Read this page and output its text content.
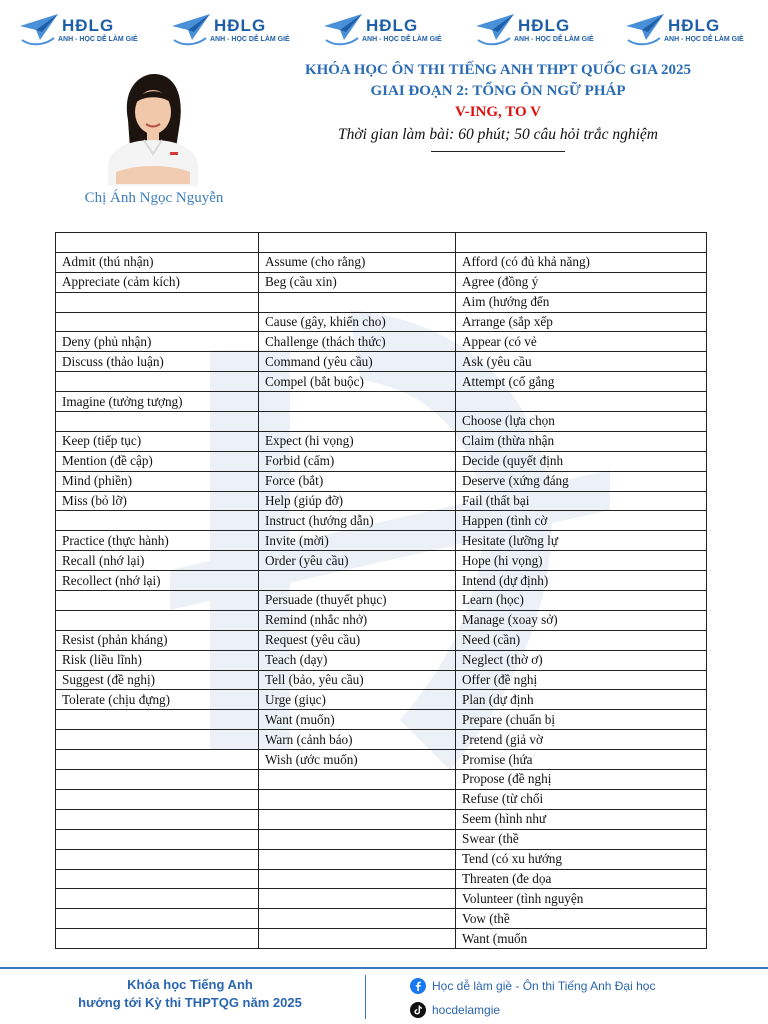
HĐLG
ANH - HỌC DỄ LÀM GIẺ
HĐLG
ANH - HỌC DỄ LÀM GIẺ
HĐLG
ANH - HỌC DỄ LÀM GIẺ
HĐLG
ANH - HỌC DỄ LÀM GIẺ
HĐLG
ANH - HỌC DỄ LÀM GIẺ
Chị Ánh Ngọc Nguyễn
KHÓA HỌC ÔN THI TIẾNG ANH THPT QUỐC GIA 2025
GIAI ĐOẠN 2: TỔNG ÔN NGỮ PHÁP
V-ING, TO V
Thời gian làm bài: 60 phút; 50 câu hỏi trắc nghiệm

Admit (thú nhận)	Assume (cho rằng)	Afford (có đủ khả năng)
Appreciate (cảm kích)	Beg (cầu xin)	Agree (đồng ý
		Aim (hướng đến
	Cause (gây, khiến cho)	Arrange (sắp xếp
Deny (phủ nhận)	Challenge (thách thức)	Appear (có vẻ
Discuss (thảo luận)	Command (yêu cầu)	Ask (yêu cầu
	Compel (bắt buộc)	Attempt (cố gắng
Imagine (tưởng tượng)		
		Choose (lựa chọn
Keep (tiếp tục)	Expect (hi vọng)	Claim (thừa nhận
Mention (đề cập)	Forbid (cấm)	Decide (quyết định
Mind (phiền)	Force (bắt)	Deserve (xứng đáng
Miss (bỏ lỡ)	Help (giúp đỡ)	Fail (thất bại
	Instruct (hướng dẫn)	Happen (tình cờ
Practice (thực hành)	Invite (mời)	Hesitate (lưỡng lự
Recall (nhớ lại)	Order (yêu cầu)	Hope (hi vọng)
Recollect (nhớ lại)		Intend (dự định)
	Persuade (thuyết phục)	Learn (học)
	Remind (nhắc nhở)	Manage (xoay sở)
Resist (phản kháng)	Request (yêu cầu)	Need (cần)
Risk (liều lĩnh)	Teach (dạy)	Neglect (thờ ơ)
Suggest (đề nghị)	Tell (bảo, yêu cầu)	Offer (đề nghị
Tolerate (chịu đựng)	Urge (giục)	Plan (dự định
	Want (muốn)	Prepare (chuẩn bị
	Warn (cảnh báo)	Pretend (giả vờ
	Wish (ước muốn)	Promise (hứa
		Propose (đề nghị
		Refuse (từ chối
		Seem (hình như
		Swear (thề
		Tend (có xu hướng
		Threaten (đe dọa
		Volunteer (tình nguyện
		Vow (thề
		Want (muốn
Khóa học Tiếng Anh
hướng tới Kỳ thi THPTQG năm 2025
Học dễ làm giề - Ôn thi Tiếng Anh Đại học
hocdelamgie
